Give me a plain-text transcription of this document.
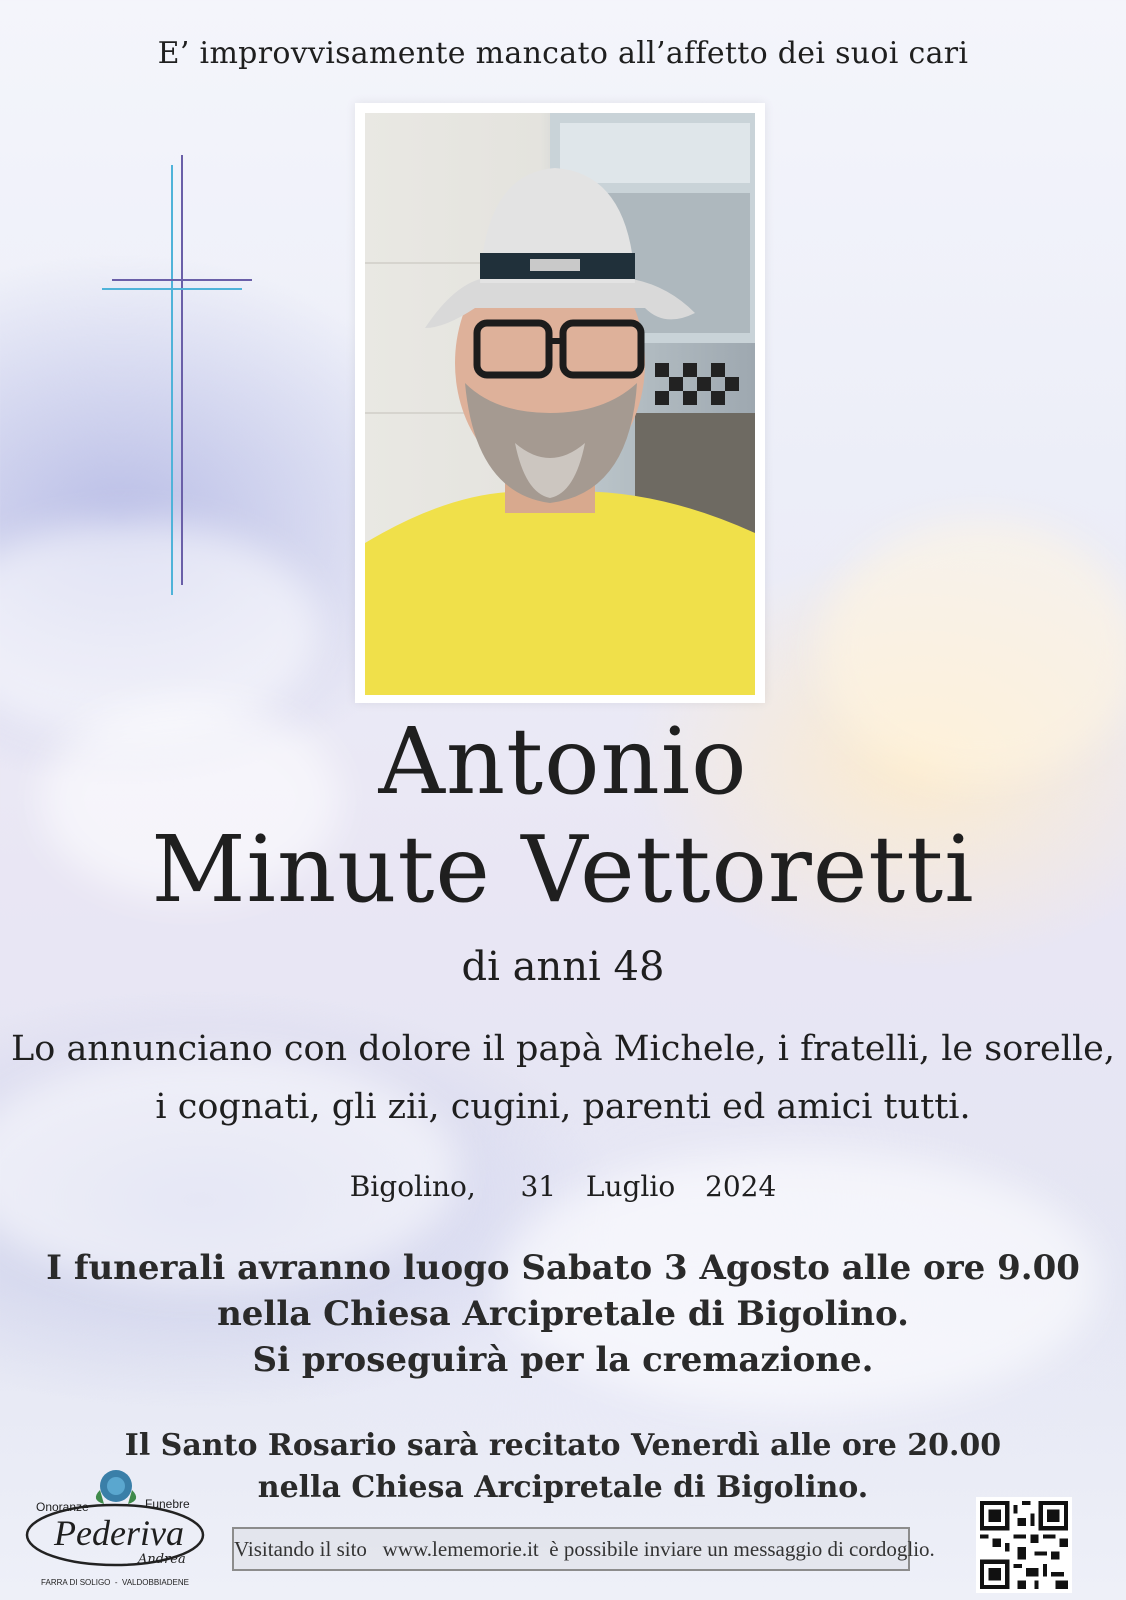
E’ improvvisamente mancato all’affetto dei suoi cari
Antonio
Minute Vettoretti
di anni 48
Lo annunciano con dolore il papà Michele, i fratelli, le sorelle,
i cognati, gli zii, cugini, parenti ed amici tutti.
Bigolino,   31  Luglio  2024
I funerali avranno luogo Sabato 3 Agosto alle ore 9.00
nella Chiesa Arcipretale di Bigolino.
Si proseguirà per la cremazione.
Il Santo Rosario sarà recitato Venerdì alle ore 20.00
nella Chiesa Arcipretale di Bigolino.
Onoranze	Funebre
Pederiva
Andrea
FARRA DI SOLIGO  -  VALDOBBIADENE
Visitando il sito   www.lememorie.it  è possibile inviare un messaggio di cordoglio.
